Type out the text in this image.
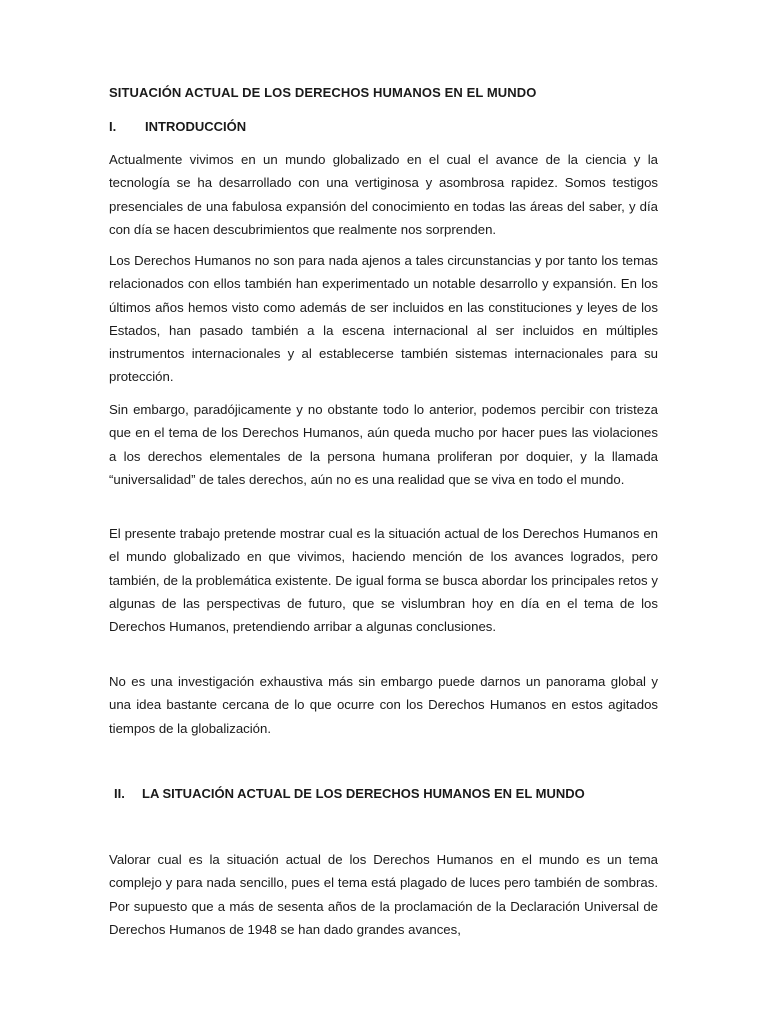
SITUACIÓN ACTUAL DE LOS DERECHOS HUMANOS EN EL MUNDO
I. INTRODUCCIÓN

Actualmente vivimos en un mundo globalizado en el cual el avance de la ciencia y la tecnología se ha desarrollado con una vertiginosa y asombrosa rapidez. Somos testigos presenciales de una fabulosa expansión del conocimiento en todas las áreas del saber, y día con día se hacen descubrimientos que realmente nos sorprenden.

Los Derechos Humanos no son para nada ajenos a tales circunstancias y por tanto los temas relacionados con ellos también han experimentado un notable desarrollo y expansión. En los últimos años hemos visto como además de ser incluidos en las constituciones y leyes de los Estados, han pasado también a la escena internacional al ser incluidos en múltiples instrumentos internacionales y al establecerse también sistemas internacionales para su protección.

Sin embargo, paradójicamente y no obstante todo lo anterior, podemos percibir con tristeza que en el tema de los Derechos Humanos, aún queda mucho por hacer pues las violaciones a los derechos elementales de la persona humana proliferan por doquier, y la llamada “universalidad” de tales derechos, aún no es una realidad que se viva en todo el mundo.

El presente trabajo pretende mostrar cual es la situación actual de los Derechos Humanos en el mundo globalizado en que vivimos, haciendo mención de los avances logrados, pero también, de la problemática existente. De igual forma se busca abordar los principales retos y algunas de las perspectivas de futuro, que se vislumbran hoy en día en el tema de los Derechos Humanos, pretendiendo arribar a algunas conclusiones.

No es una investigación exhaustiva más sin embargo puede darnos un panorama global y una idea bastante cercana de lo que ocurre con los Derechos Humanos en estos agitados tiempos de la globalización.

II. LA SITUACIÓN ACTUAL DE LOS DERECHOS HUMANOS EN EL MUNDO

Valorar cual es la situación actual de los Derechos Humanos en el mundo es un tema complejo y para nada sencillo, pues el tema está plagado de luces pero también de sombras. Por supuesto que a más de sesenta años de la proclamación de la Declaración Universal de Derechos Humanos de 1948 se han dado grandes avances,
